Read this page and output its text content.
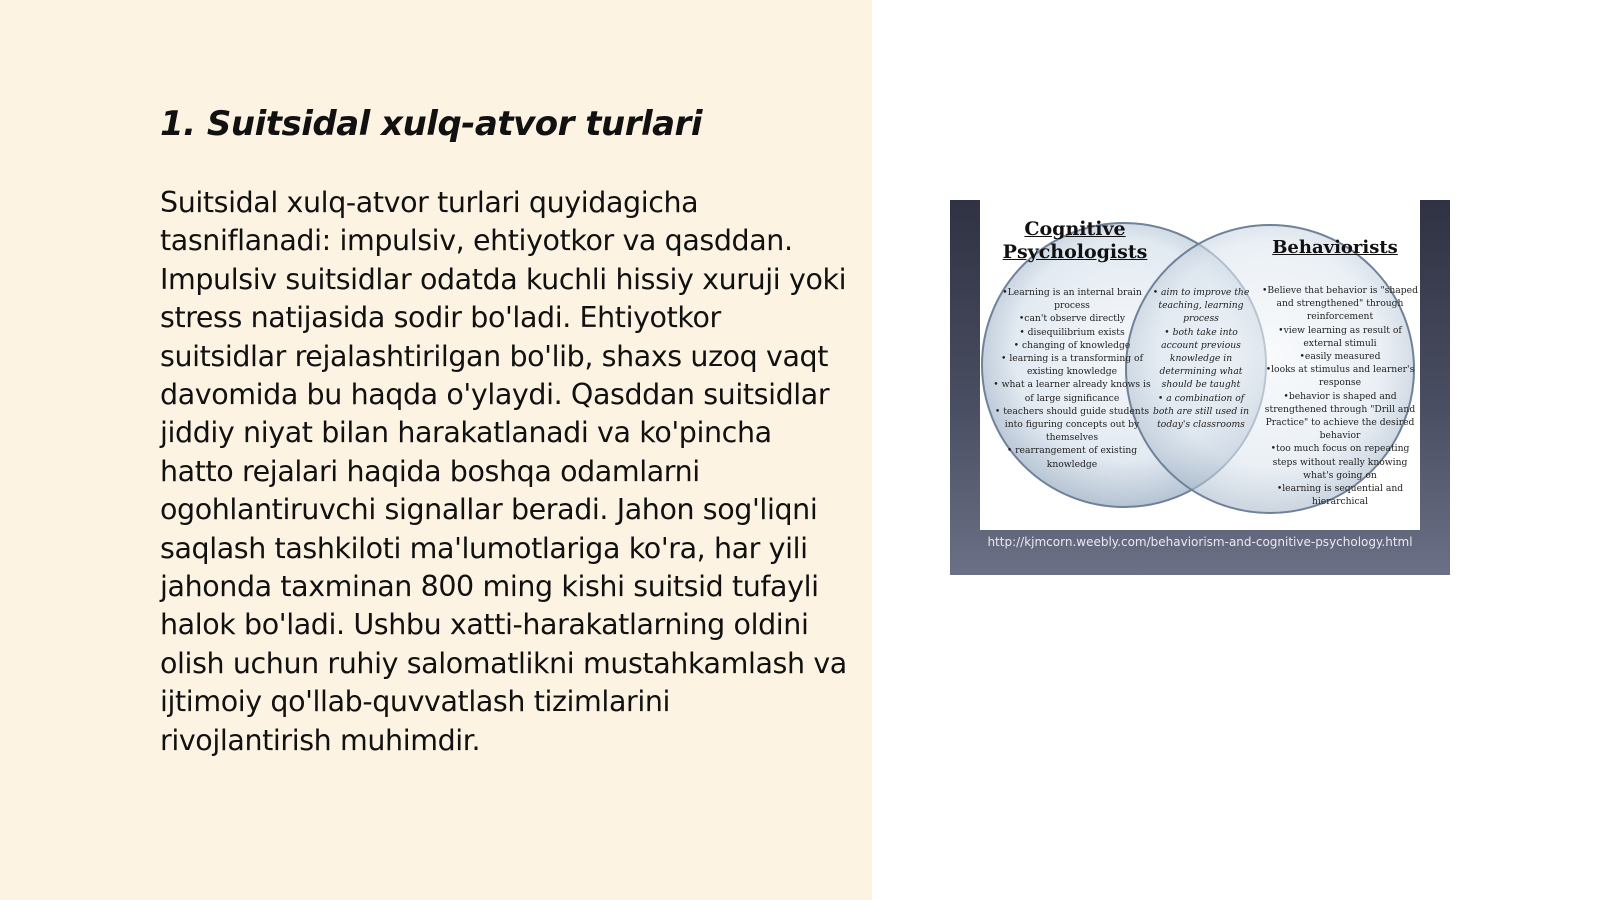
1. Suitsidal xulq-atvor turlari

Suitsidal xulq-atvor turlari quyidagicha tasniflanadi: impulsiv, ehtiyotkor va qasddan. Impulsiv suitsidlar odatda kuchli hissiy xuruji yoki stress natijasida sodir bo'ladi. Ehtiyotkor suitsidlar rejalashtirilgan bo'lib, shaxs uzoq vaqt davomida bu haqda o'ylaydi. Qasddan suitsidlar jiddiy niyat bilan harakatlanadi va ko'pincha hatto rejalari haqida boshqa odamlarni ogohlantiruvchi signallar beradi. Jahon sog'liqni saqlash tashkiloti ma'lumotlariga ko'ra, har yili jahonda taxminan 800 ming kishi suitsid tufayli halok bo'ladi. Ushbu xatti-harakatlarning oldini olish uchun ruhiy salomatlikni mustahkamlash va ijtimoiy qo'llab-quvvatlash tizimlarini rivojlantirish muhimdir.

Cognitive Psychologists	Behaviorists
•Learning is an internal brain process
•can't observe directly
• disequilibrium exists
• changing of knowledge
• learning is a transforming of existing knowledge
• what a learner already knows is of large significance
• teachers should guide students into figuring concepts out by themselves
• rearrangement of existing knowledge
• aim to improve the teaching, learning process
• both take into account previous knowledge in determining what should be taught
• a combination of both are still used in today's classrooms
•Believe that behavior is "shaped and strengthened" through reinforcement
•view learning as result of external stimuli
•easily measured
•looks at stimulus and learner's response
•behavior is shaped and strengthened through "Drill and Practice" to achieve the desired behavior
•too much focus on repeating steps without really knowing what's going on
•learning is sequential and hierarchical
http://kjmcorn.weebly.com/behaviorism-and-cognitive-psychology.html
